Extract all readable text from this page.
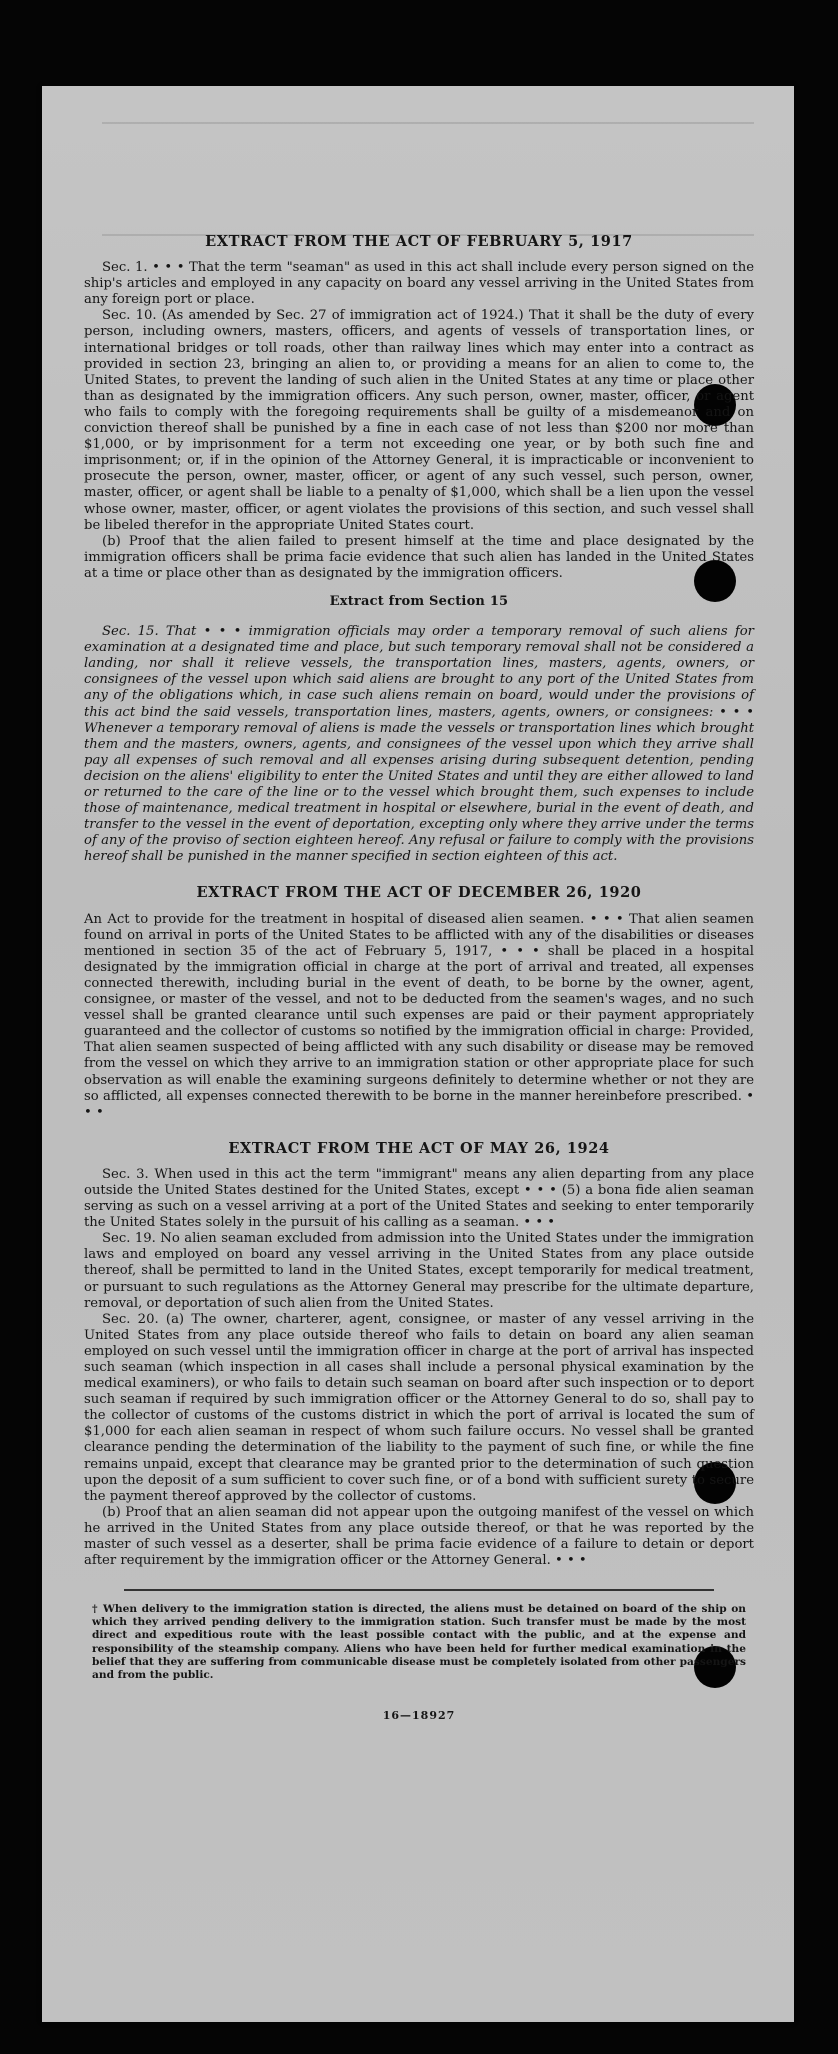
EXTRACT FROM THE ACT OF FEBRUARY 5, 1917

Sec. 1. • • • That the term "seaman" as used in this act shall include every person signed on the ship's articles and employed in any capacity on board any vessel arriving in the United States from any foreign port or place.

Sec. 10. (As amended by Sec. 27 of immigration act of 1924.) That it shall be the duty of every person, including owners, masters, officers, and agents of vessels of transportation lines, or international bridges or toll roads, other than railway lines which may enter into a contract as provided in section 23, bringing an alien to, or providing a means for an alien to come to, the United States, to prevent the landing of such alien in the United States at any time or place other than as designated by the immigration officers. Any such person, owner, master, officer, or agent who fails to comply with the foregoing requirements shall be guilty of a misdemeanor and on conviction thereof shall be punished by a fine in each case of not less than $200 nor more than $1,000, or by imprisonment for a term not exceeding one year, or by both such fine and imprisonment; or, if in the opinion of the Attorney General, it is impracticable or inconvenient to prosecute the person, owner, master, officer, or agent of any such vessel, such person, owner, master, officer, or agent shall be liable to a penalty of $1,000, which shall be a lien upon the vessel whose owner, master, officer, or agent violates the provisions of this section, and such vessel shall be libeled therefor in the appropriate United States court.

(b) Proof that the alien failed to present himself at the time and place designated by the immigration officers shall be prima facie evidence that such alien has landed in the United States at a time or place other than as designated by the immigration officers.

Extract from Section 15

Sec. 15. That • • • immigration officials may order a temporary removal of such aliens for examination at a designated time and place, but such temporary removal shall not be considered a landing, nor shall it relieve vessels, the transportation lines, masters, agents, owners, or consignees of the vessel upon which said aliens are brought to any port of the United States from any of the obligations which, in case such aliens remain on board, would under the provisions of this act bind the said vessels, transportation lines, masters, agents, owners, or consignees: • • • Whenever a temporary removal of aliens is made the vessels or transportation lines which brought them and the masters, owners, agents, and consignees of the vessel upon which they arrive shall pay all expenses of such removal and all expenses arising during subsequent detention, pending decision on the aliens' eligibility to enter the United States and until they are either allowed to land or returned to the care of the line or to the vessel which brought them, such expenses to include those of maintenance, medical treatment in hospital or elsewhere, burial in the event of death, and transfer to the vessel in the event of deportation, excepting only where they arrive under the terms of any of the proviso of section eighteen hereof. Any refusal or failure to comply with the provisions hereof shall be punished in the manner specified in section eighteen of this act.

EXTRACT FROM THE ACT OF DECEMBER 26, 1920

An Act to provide for the treatment in hospital of diseased alien seamen. • • • That alien seamen found on arrival in ports of the United States to be afflicted with any of the disabilities or diseases mentioned in section 35 of the act of February 5, 1917, • • • shall be placed in a hospital designated by the immigration official in charge at the port of arrival and treated, all expenses connected therewith, including burial in the event of death, to be borne by the owner, agent, consignee, or master of the vessel, and not to be deducted from the seamen's wages, and no such vessel shall be granted clearance until such expenses are paid or their payment appropriately guaranteed and the collector of customs so notified by the immigration official in charge: Provided, That alien seamen suspected of being afflicted with any such disability or disease may be removed from the vessel on which they arrive to an immigration station or other appropriate place for such observation as will enable the examining surgeons definitely to determine whether or not they are so afflicted, all expenses connected therewith to be borne in the manner hereinbefore prescribed. • • •

EXTRACT FROM THE ACT OF MAY 26, 1924

Sec. 3. When used in this act the term "immigrant" means any alien departing from any place outside the United States destined for the United States, except • • • (5) a bona fide alien seaman serving as such on a vessel arriving at a port of the United States and seeking to enter temporarily the United States solely in the pursuit of his calling as a seaman. • • •

Sec. 19. No alien seaman excluded from admission into the United States under the immigration laws and employed on board any vessel arriving in the United States from any place outside thereof, shall be permitted to land in the United States, except temporarily for medical treatment, or pursuant to such regulations as the Attorney General may prescribe for the ultimate departure, removal, or deportation of such alien from the United States.

Sec. 20. (a) The owner, charterer, agent, consignee, or master of any vessel arriving in the United States from any place outside thereof who fails to detain on board any alien seaman employed on such vessel until the immigration officer in charge at the port of arrival has inspected such seaman (which inspection in all cases shall include a personal physical examination by the medical examiners), or who fails to detain such seaman on board after such inspection or to deport such seaman if required by such immigration officer or the Attorney General to do so, shall pay to the collector of customs of the customs district in which the port of arrival is located the sum of $1,000 for each alien seaman in respect of whom such failure occurs. No vessel shall be granted clearance pending the determination of the liability to the payment of such fine, or while the fine remains unpaid, except that clearance may be granted prior to the determination of such question upon the deposit of a sum sufficient to cover such fine, or of a bond with sufficient surety to secure the payment thereof approved by the collector of customs.

(b) Proof that an alien seaman did not appear upon the outgoing manifest of the vessel on which he arrived in the United States from any place outside thereof, or that he was reported by the master of such vessel as a deserter, shall be prima facie evidence of a failure to detain or deport after requirement by the immigration officer or the Attorney General. • • •

† When delivery to the immigration station is directed, the aliens must be detained on board of the ship on which they arrived pending delivery to the immigration station. Such transfer must be made by the most direct and expeditious route with the least possible contact with the public, and at the expense and responsibility of the steamship company. Aliens who have been held for further medical examination in the belief that they are suffering from communicable disease must be completely isolated from other passengers and from the public.

16—18927
